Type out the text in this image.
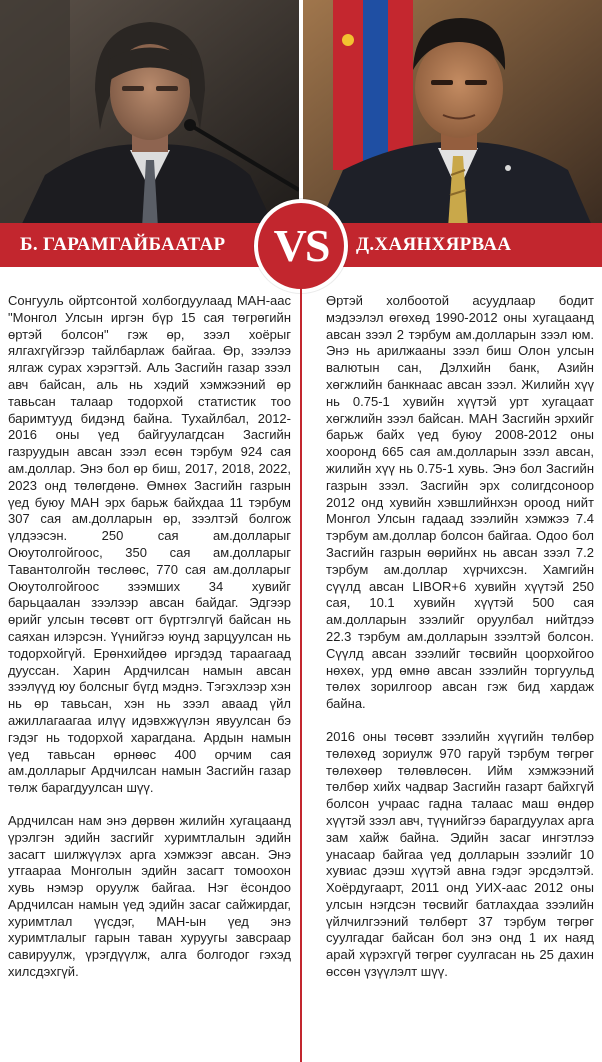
Б. ГАРАМГАЙБААТАР	Д.ХАЯНХЯРВАА
VS

Сонгууль ойртсонтой холбогдуулаад МАН-аас "Монгол Улсын иргэн бүр 15 сая төгрөгийн өртэй болсон" гэж өр, зээл хоёрыг ялгахгүйгээр тайлбарлаж байгаа. Өр, зээлээ ялгаж сурах хэрэгтэй. Аль Засгийн газар зээл авч байсан, аль нь хэдий хэмжээний өр тавьсан талаар тодорхой статистик тоо баримтууд бидэнд байна. Тухайлбал, 2012-2016 оны үед байгуулагдсан Засгийн газруудын авсан зээл есөн тэрбум 924 сая ам.доллар. Энэ бол өр биш, 2017, 2018, 2022, 2023 онд төлөгдөнө. Өмнөх Засгийн газрын үед буюу МАН эрх барьж байхдаа 11 тэрбум 307 сая ам.долларын өр, зээлтэй болгож үлдээсэн. 250 сая ам.долларыг Оюутолгойгоос, 350 сая ам.долларыг Тавантолгойн төслөөс, 770 сая ам.долларыг Оюутолгойгоос зээмших 34 хувийг барьцаалан зээлээр авсан байдаг. Эдгээр өрийг улсын төсөвт огт бүртгэлгүй байсан нь саяхан илэрсэн. Үүнийгээ юунд зарцуулсан нь тодорхойгүй. Ерөнхийдөө иргэдэд тараагаад дууссан. Харин Ардчилсан намын авсан зээлүүд юу болсныг бүгд мэднэ. Тэгэхлээр хэн нь өр тавьсан, хэн нь зээл аваад үйл ажиллагаагаа илүү идэвхжүүлэн явуулсан бэ гэдэг нь тодорхой харагдана. Ардын намын үед тавьсан өрнөөс 400 орчим сая ам.долларыг Ардчилсан намын Засгийн газар төлж барагдуулсан шүү.

Ардчилсан нам энэ дөрвөн жилийн хугацаанд үрэлгэн эдийн засгийг хуримтлалын эдийн засагт шилжүүлэх арга хэмжээг авсан. Энэ утгаараа Монголын эдийн засагт томоохон хувь нэмэр оруулж байгаа. Нэг ёсондоо Ардчилсан намын үед эдийн засаг сайжирдаг, хуримтлал үүсдэг, МАН-ын үед энэ хуримтлалыг гарын таван хуруугы завсраар савируулж, үрэгдүүлж, алга болгодог гэхэд хилсдэхгүй.

Өртэй холбоотой асуудлаар бодит мэдээлэл өгөхөд 1990-2012 оны хугацаанд авсан зээл 2 тэрбум ам.долларын зээл юм. Энэ нь арилжааны зээл биш Олон улсын валютын сан, Дэлхийн банк, Азийн хөгжлийн банкнаас авсан зээл. Жилийн хүү нь 0.75-1 хувийн хүүтэй урт хугацаат хөгжлийн зээл байсан. МАН Засгийн эрхийг барьж байх үед буюу 2008-2012 оны хооронд 665 сая ам.долларын зээл авсан, жилийн хүү нь 0.75-1 хувь. Энэ бол Засгийн газрын зээл. Засгийн эрх солигдсоноор 2012 онд хувийн хэвшлийнхэн ороод нийт Монгол Улсын гадаад зээлийн хэмжээ 7.4 тэрбум ам.доллар болсон байгаа. Одоо бол Засгийн газрын өөрийнх нь авсан зээл 7.2 тэрбум ам.доллар хүрчихсэн. Хамгийн сүүлд авсан LIBOR+6 хувийн хүүтэй 250 сая, 10.1 хувийн хүүтэй 500 сая ам.долларын зээлийг оруулбал нийтдээ 22.3 тэрбум ам.долларын зээлтэй болсон. Сүүлд авсан зээлийг төсвийн цоорхойгоо нөхөх, урд өмнө авсан зээлийн торгуульд төлөх зорилгоор авсан гэж бид хардаж байна.

2016 оны төсөвт зээлийн хүүгийн төлбөр төлөхөд зориулж 970 гаруй тэрбум төгрөг төлөхөөр төлөвлөсөн. Ийм хэмжээний төлбөр хийх чадвар Засгийн газарт байхгүй болсон учраас гадна талаас маш өндөр хүүтэй зээл авч, түүнийгээ барагдуулах арга зам хайж байна. Эдийн засаг ингэтлээ унасаар байгаа үед долларын зээлийг 10 хувиас дээш хүүтэй авна гэдэг эрсдэлтэй. Хоёрдугаарт, 2011 онд УИХ-аас 2012 оны улсын нэгдсэн төсвийг батлахдаа зээлийн үйлчилгээний төлбөрт 37 тэрбум төгрөг суулгадаг байсан бол энэ онд 1 их наяд арай хүрэхгүй төгрөг суулгасан нь 25 дахин өссөн үзүүлэлт шүү.
